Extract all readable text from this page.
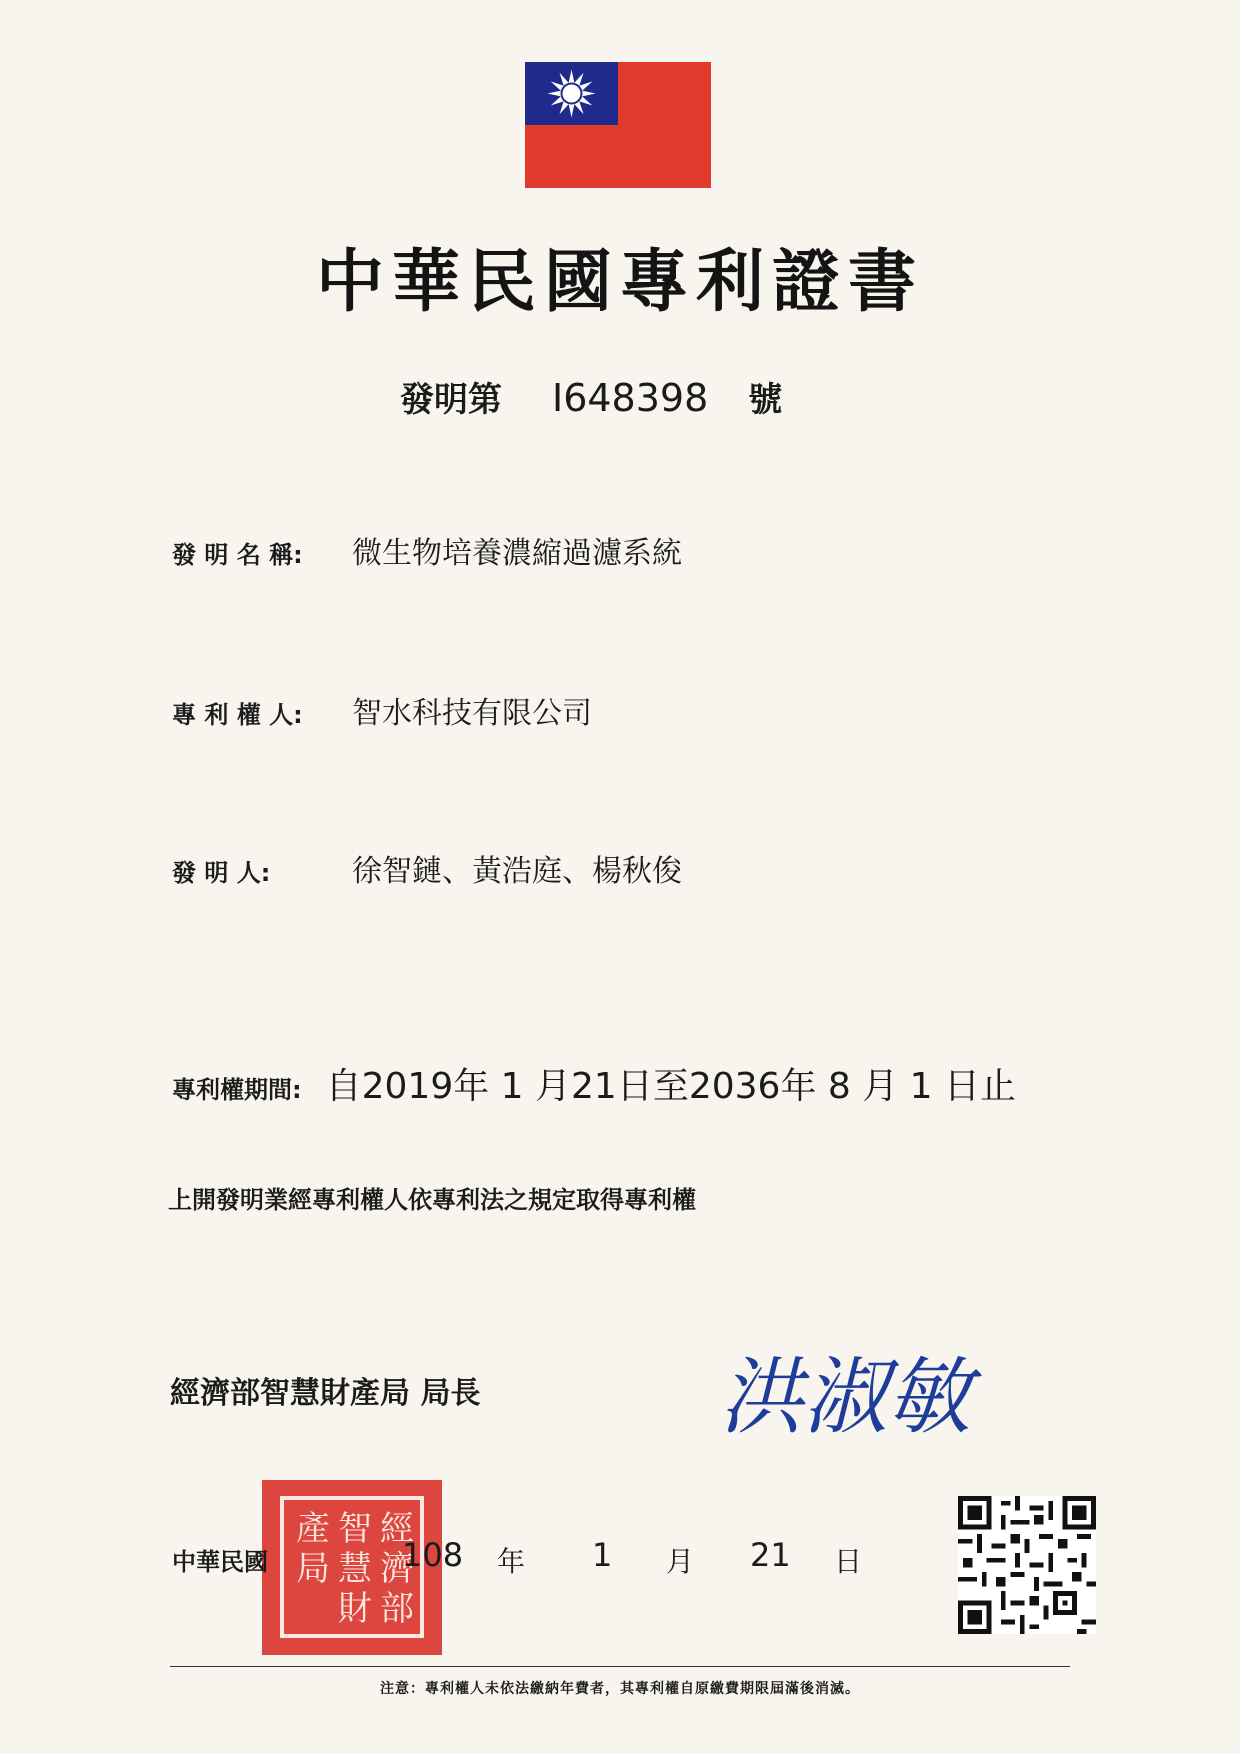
中華民國專利證書
發明第 I648398 號
發 明 名 稱: 微生物培養濃縮過濾系統
專 利 權 人: 智水科技有限公司
發 明 人:	徐智鏈、黃浩庭、楊秋俊
專利權期間: 自2019年 1 月21日至2036年 8 月 1 日止
上開發明業經專利權人依專利法之規定取得專利權
經濟部智慧財產局 局長	洪淑敏
經
濟
部
智
慧
財
產
局
中華民國	108 年 1 月 21 日
注意：專利權人未依法繳納年費者，其專利權自原繳費期限屆滿後消滅。
